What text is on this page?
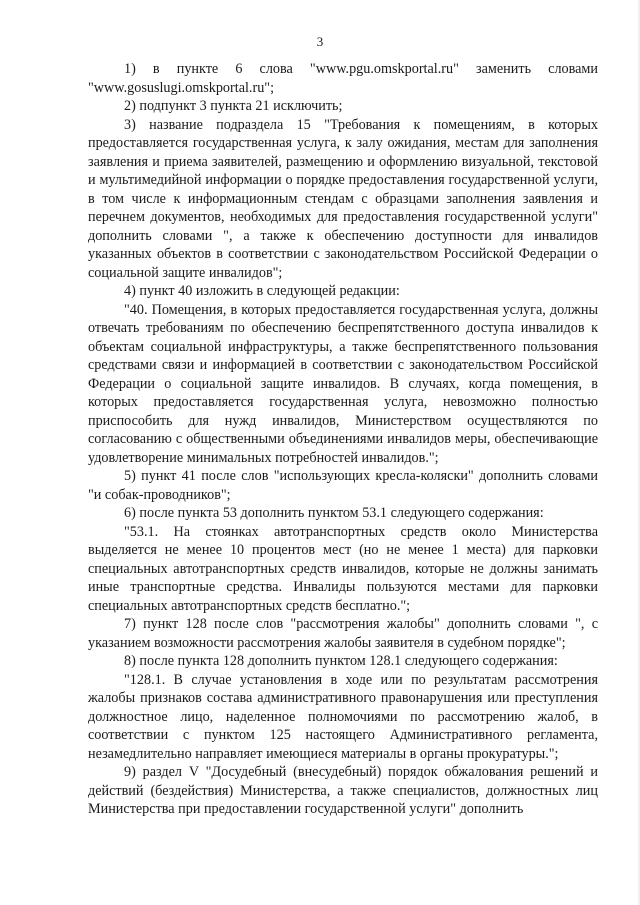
3

1) в пункте 6 слова "www.pgu.omskportal.ru" заменить словами "www.gosuslugi.omskportal.ru";

2) подпункт 3 пункта 21 исключить;

3) название подраздела 15 "Требования к помещениям, в которых предоставляется государственная услуга, к залу ожидания, местам для заполнения заявления и приема заявителей, размещению и оформлению визуальной, текстовой и мультимедийной информации о порядке предоставления государственной услуги, в том числе к информационным стендам с образцами заполнения заявления и перечнем документов, необходимых для предоставления государственной услуги" дополнить словами ", а также к обеспечению доступности для инвалидов указанных объектов в соответствии с законодательством Российской Федерации о социальной защите инвалидов";

4) пункт 40 изложить в следующей редакции:

"40. Помещения, в которых предоставляется государственная услуга, должны отвечать требованиям по обеспечению беспрепятственного доступа инвалидов к объектам социальной инфраструктуры, а также беспрепятственного пользования средствами связи и информацией в соответствии с законодательством Российской Федерации о социальной защите инвалидов. В случаях, когда помещения, в которых предоставляется государственная услуга, невозможно полностью приспособить для нужд инвалидов, Министерством осуществляются по согласованию с общественными объединениями инвалидов меры, обеспечивающие удовлетворение минимальных потребностей инвалидов.";

5) пункт 41 после слов "использующих кресла-коляски" дополнить словами "и собак-проводников";

6) после пункта 53 дополнить пунктом 53.1 следующего содержания:

"53.1. На стоянках автотранспортных средств около Министерства выделяется не менее 10 процентов мест (но не менее 1 места) для парковки специальных автотранспортных средств инвалидов, которые не должны занимать иные транспортные средства. Инвалиды пользуются местами для парковки специальных автотранспортных средств бесплатно.";

7) пункт 128 после слов "рассмотрения жалобы" дополнить словами ", с указанием возможности рассмотрения жалобы заявителя в судебном порядке";

8) после пункта 128 дополнить пунктом 128.1 следующего содержания:

"128.1. В случае установления в ходе или по результатам рассмотрения жалобы признаков состава административного правонарушения или преступления должностное лицо, наделенное полномочиями по рассмотрению жалоб, в соответствии с пунктом 125 настоящего Административного регламента, незамедлительно направляет имеющиеся материалы в органы прокуратуры.";

9) раздел V "Досудебный (внесудебный) порядок обжалования решений и действий (бездействия) Министерства, а также специалистов, должностных лиц Министерства при предоставлении государственной услуги" дополнить
